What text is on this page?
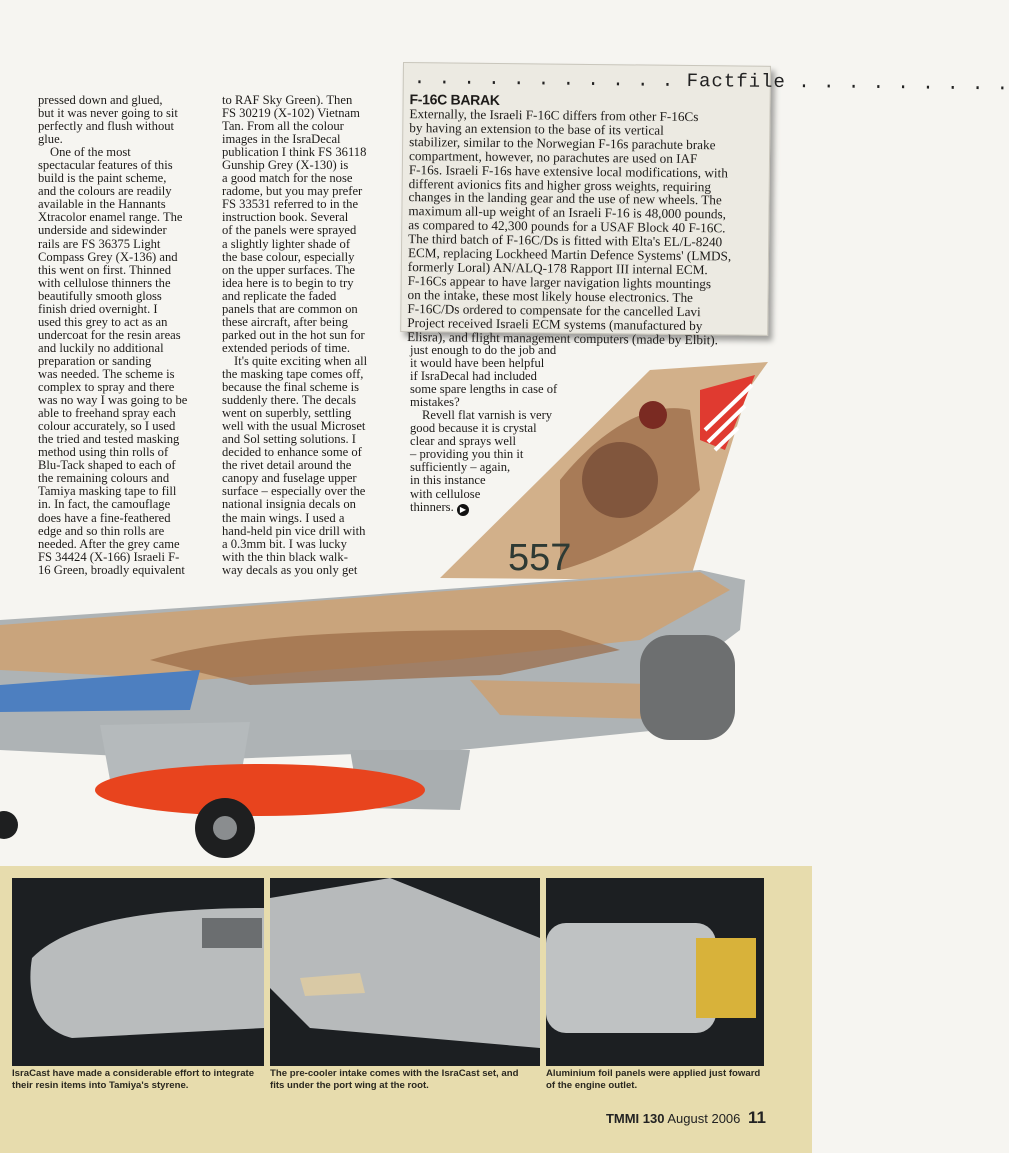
pressed down and glued,
but it was never going to sit
perfectly and flush without
glue.
One of the most
spectacular features of this
build is the paint scheme,
and the colours are readily
available in the Hannants
Xtracolor enamel range. The
underside and sidewinder
rails are FS 36375 Light
Compass Grey (X-136) and
this went on first. Thinned
with cellulose thinners the
beautifully smooth gloss
finish dried overnight. I
used this grey to act as an
undercoat for the resin areas
and luckily no additional
preparation or sanding
was needed. The scheme is
complex to spray and there
was no way I was going to be
able to freehand spray each
colour accurately, so I used
the tried and tested masking
method using thin rolls of
Blu-Tack shaped to each of
the remaining colours and
Tamiya masking tape to fill
in. In fact, the camouflage
does have a fine-feathered
edge and so thin rolls are
needed. After the grey came
FS 34424 (X-166) Israeli F-
16 Green, broadly equivalent
to RAF Sky Green). Then
FS 30219 (X-102) Vietnam
Tan. From all the colour
images in the IsraDecal
publication I think FS 36118
Gunship Grey (X-130) is
a good match for the nose
radome, but you may prefer
FS 33531 referred to in the
instruction book. Several
of the panels were sprayed
a slightly lighter shade of
the base colour, especially
on the upper surfaces. The
idea here is to begin to try
and replicate the faded
panels that are common on
these aircraft, after being
parked out in the hot sun for
extended periods of time.
It's quite exciting when all
the masking tape comes off,
because the final scheme is
suddenly there. The decals
went on superbly, settling
well with the usual Microset
and Sol setting solutions. I
decided to enhance some of
the rivet detail around the
canopy and fuselage upper
surface – especially over the
national insignia decals on
the main wings. I used a
hand-held pin vice drill with
a 0.3mm bit. I was lucky
with the thin black walk-
way decals as you only get
just enough to do the job and
it would have been helpful
if IsraDecal had included
some spare lengths in case of
mistakes?
Revell flat varnish is very
good because it is crystal
clear and sprays well
– providing you thin it
sufficiently – again,
in this instance
with cellulose
thinners. ▶
. . . . . . . . . . . Factfile . . . . . . . . .
F-16C BARAK
Externally, the Israeli F-16C differs from other F-16Cs
by having an extension to the base of its vertical
stabilizer, similar to the Norwegian F-16s parachute brake
compartment, however, no parachutes are used on IAF
F-16s. Israeli F-16s have extensive local modifications, with
different avionics fits and higher gross weights, requiring
changes in the landing gear and the use of new wheels. The
maximum all-up weight of an Israeli F-16 is 48,000 pounds,
as compared to 42,300 pounds for a USAF Block 40 F-16C.
The third batch of F-16C/Ds is fitted with Elta's EL/L-8240
ECM, replacing Lockheed Martin Defence Systems' (LMDS,
formerly Loral) AN/ALQ-178 Rapport III internal ECM.
F-16Cs appear to have larger navigation lights mountings
on the intake, these most likely house electronics. The
F-16C/Ds ordered to compensate for the cancelled Lavi
Project received Israeli ECM systems (manufactured by
Elisra), and flight management computers (made by Elbit).
557
IsraCast have made a considerable effort to integrate
their resin items into Tamiya's styrene.
The pre-cooler intake comes with the IsraCast set, and
fits under the port wing at the root.
Aluminium foil panels were applied just foward
of the engine outlet.
TMMI 130 August 2006 11
